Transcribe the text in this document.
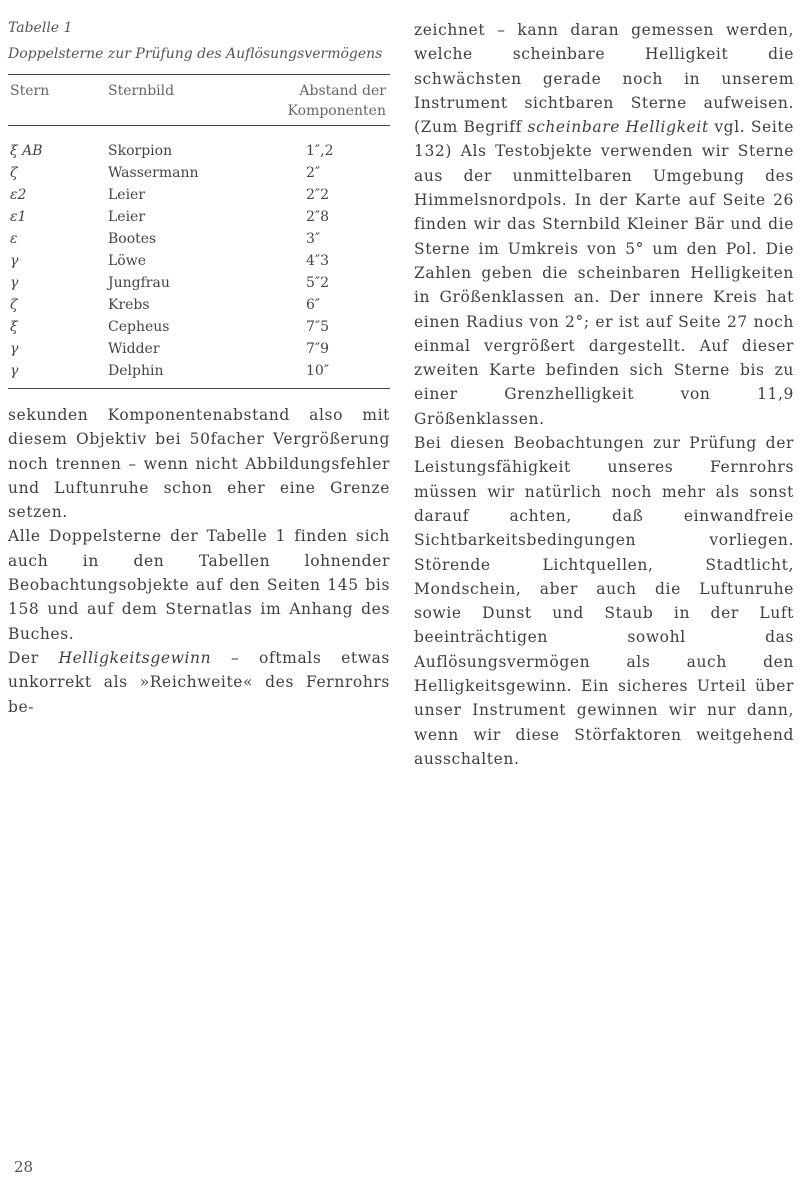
Tabelle 1
Doppelsterne zur Prüfung des Auflösungsvermögens
Stern	Sternbild	Abstand der
Komponenten
ξ AB	Skorpion	1″,2
ζ	Wassermann	2″
ε2	Leier	2″2
ε1	Leier	2″8
ε	Bootes	3″
γ	Löwe	4″3
γ	Jungfrau	5″2
ζ	Krebs	6″
ξ	Cepheus	7″5
γ	Widder	7″9
γ	Delphin	10″

sekunden Komponentenabstand also mit diesem Objektiv bei 50facher Vergrößerung noch trennen – wenn nicht Abbildungsfehler und Luftunruhe schon eher eine Grenze setzen.

Alle Doppelsterne der Tabelle 1 finden sich auch in den Tabellen lohnender Beobachtungsobjekte auf den Seiten 145 bis 158 und auf dem Sternatlas im Anhang des Buches.

Der Helligkeitsgewinn – oftmals etwas unkorrekt als »Reichweite« des Fernrohrs be-

zeichnet – kann daran gemessen werden, welche scheinbare Helligkeit die schwächsten gerade noch in unserem Instrument sichtbaren Sterne aufweisen. (Zum Begriff scheinbare Helligkeit vgl. Seite 132) Als Testobjekte verwenden wir Sterne aus der unmittelbaren Umgebung des Himmelsnordpols. In der Karte auf Seite 26 finden wir das Sternbild Kleiner Bär und die Sterne im Umkreis von 5° um den Pol. Die Zahlen geben die scheinbaren Helligkeiten in Größenklassen an. Der innere Kreis hat einen Radius von 2°; er ist auf Seite 27 noch einmal vergrößert dargestellt. Auf dieser zweiten Karte befinden sich Sterne bis zu einer Grenzhelligkeit von 11,9 Größenklassen.

Bei diesen Beobachtungen zur Prüfung der Leistungsfähigkeit unseres Fernrohrs müssen wir natürlich noch mehr als sonst darauf achten, daß einwandfreie Sichtbarkeitsbedingungen vorliegen. Störende Lichtquellen, Stadtlicht, Mondschein, aber auch die Luftunruhe sowie Dunst und Staub in der Luft beeinträchtigen sowohl das Auflösungsvermögen als auch den Helligkeitsgewinn. Ein sicheres Urteil über unser Instrument gewinnen wir nur dann, wenn wir diese Störfaktoren weitgehend ausschalten.

28
